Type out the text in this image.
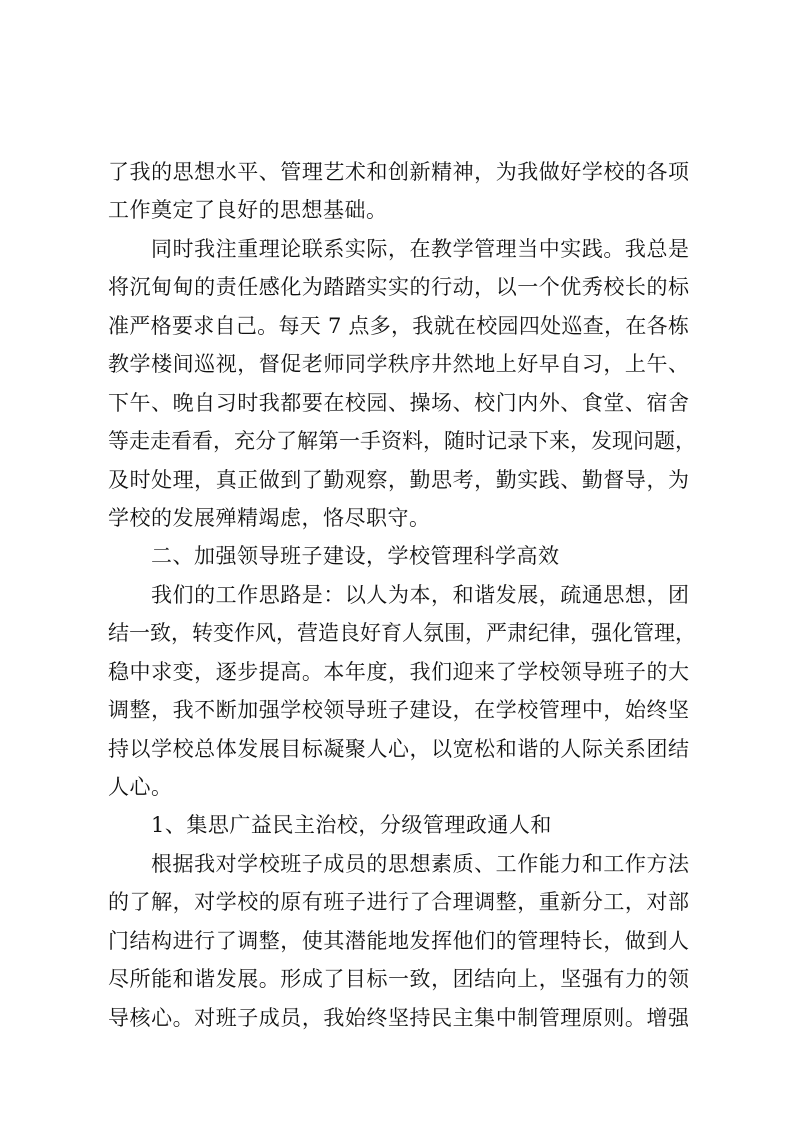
了我的思想水平、管理艺术和创新精神，为我做好学校的各项
工作奠定了良好的思想基础。
同时我注重理论联系实际，在教学管理当中实践。我总是
将沉甸甸的责任感化为踏踏实实的行动，以一个优秀校长的标
准严格要求自己。每天 7 点多，我就在校园四处巡查，在各栋
教学楼间巡视，督促老师同学秩序井然地上好早自习，上午、
下午、晚自习时我都要在校园、操场、校门内外、食堂、宿舍
等走走看看，充分了解第一手资料，随时记录下来，发现问题，
及时处理，真正做到了勤观察，勤思考，勤实践、勤督导，为
学校的发展殚精竭虑，恪尽职守。
二、加强领导班子建设，学校管理科学高效
我们的工作思路是：以人为本，和谐发展，疏通思想，团
结一致，转变作风，营造良好育人氛围，严肃纪律，强化管理，
稳中求变，逐步提高。本年度，我们迎来了学校领导班子的大
调整，我不断加强学校领导班子建设，在学校管理中，始终坚
持以学校总体发展目标凝聚人心，以宽松和谐的人际关系团结
人心。
1、集思广益民主治校，分级管理政通人和
根据我对学校班子成员的思想素质、工作能力和工作方法
的了解，对学校的原有班子进行了合理调整，重新分工，对部
门结构进行了调整，使其潜能地发挥他们的管理特长，做到人
尽所能和谐发展。形成了目标一致，团结向上，坚强有力的领
导核心。对班子成员，我始终坚持民主集中制管理原则。增强
